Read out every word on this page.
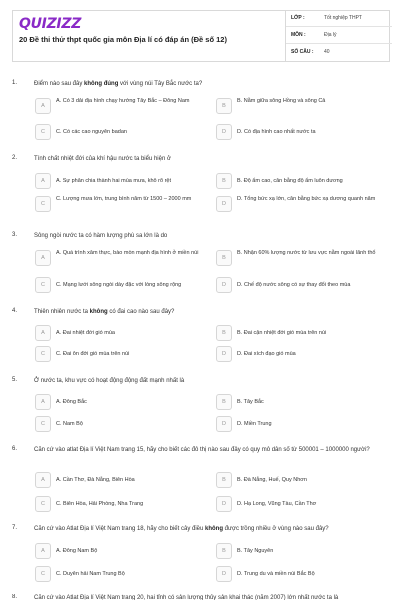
QUIZIZZ
20 Đề thi thử thpt quốc gia môn Địa lí có đáp án (Đề số 12)
LỚP :	Tốt nghiệp THPT
MÔN :	Địa lý
SỐ CÂU : 40
1.	Điểm nào sau đây không đúng với vùng núi Tây Bắc nước ta?
A
A. Có 3 dải địa hình chạy hướng Tây Bắc – Đông Nam
B
B. Nằm giữa sông Hồng và sông Cả
C	C. Có các cao nguyên badan	D	D. Có địa hình cao nhất nước ta
2.	Tính chất nhiệt đới của khí hậu nước ta biểu hiện ở
A	A. Sự phân chia thành hai mùa mưa, khô rõ rệt	B	B. Độ ẩm cao, cân bằng độ ẩm luôn dương
C
C. Lượng mưa lớn, trung bình năm từ 1500 – 2000 mm
D
D. Tổng bức xạ lớn, cân bằng bức xạ dương quanh năm
3.	Sông ngòi nước ta có hàm lượng phù sa lớn là do
A
A. Quá trình xâm thực, bào mòn mạnh địa hình ở miền núi
B
B. Nhận 60% lượng nước từ lưu vực nằm ngoài lãnh thổ
C	C. Mạng lưới sông ngòi dày đặc với lòng sông rộng	D	D. Chế độ nước sông có sự thay đổi theo mùa
4.	Thiên nhiên nước ta không có đai cao nào sau đây?
A	A. Đai nhiệt đới gió mùa	B	B. Đai cận nhiệt đới gió mùa trên núi
C	C. Đai ôn đới gió mùa trên núi	D	D. Đai xích đạo gió mùa
5.	Ở nước ta, khu vực có hoạt động động đất mạnh nhất là
A	A. Đông Bắc	B	B. Tây Bắc
C	C. Nam Bộ	D	D. Miền Trung
6.	Căn cứ vào atlat Địa lí Việt Nam trang 15, hãy cho biết các đô thị nào sau đây có quy mô dân số từ 500001 – 1000000 người?
A	A. Cần Thơ, Đà Nẵng, Biên Hòa	B	B. Đà Nẵng, Huế, Quy Nhơn
C	C. Biên Hòa, Hải Phòng, Nha Trang	D	D. Hạ Long, Vũng Tàu, Cần Thơ
7.	Căn cứ vào Atlat Địa lí Việt Nam trang 18, hãy cho biết cây điều không được trồng nhiều ở vùng nào sau đây?
A	A. Đông Nam Bộ	B	B. Tây Nguyên
C	C. Duyên hải Nam Trung Bộ	D	D. Trung du và miền núi Bắc Bộ
8.	Căn cứ vào Atlat Địa lí Việt Nam trang 20, hai tỉnh có sản lượng thủy sản khai thác (năm 2007) lớn nhất nước ta là
